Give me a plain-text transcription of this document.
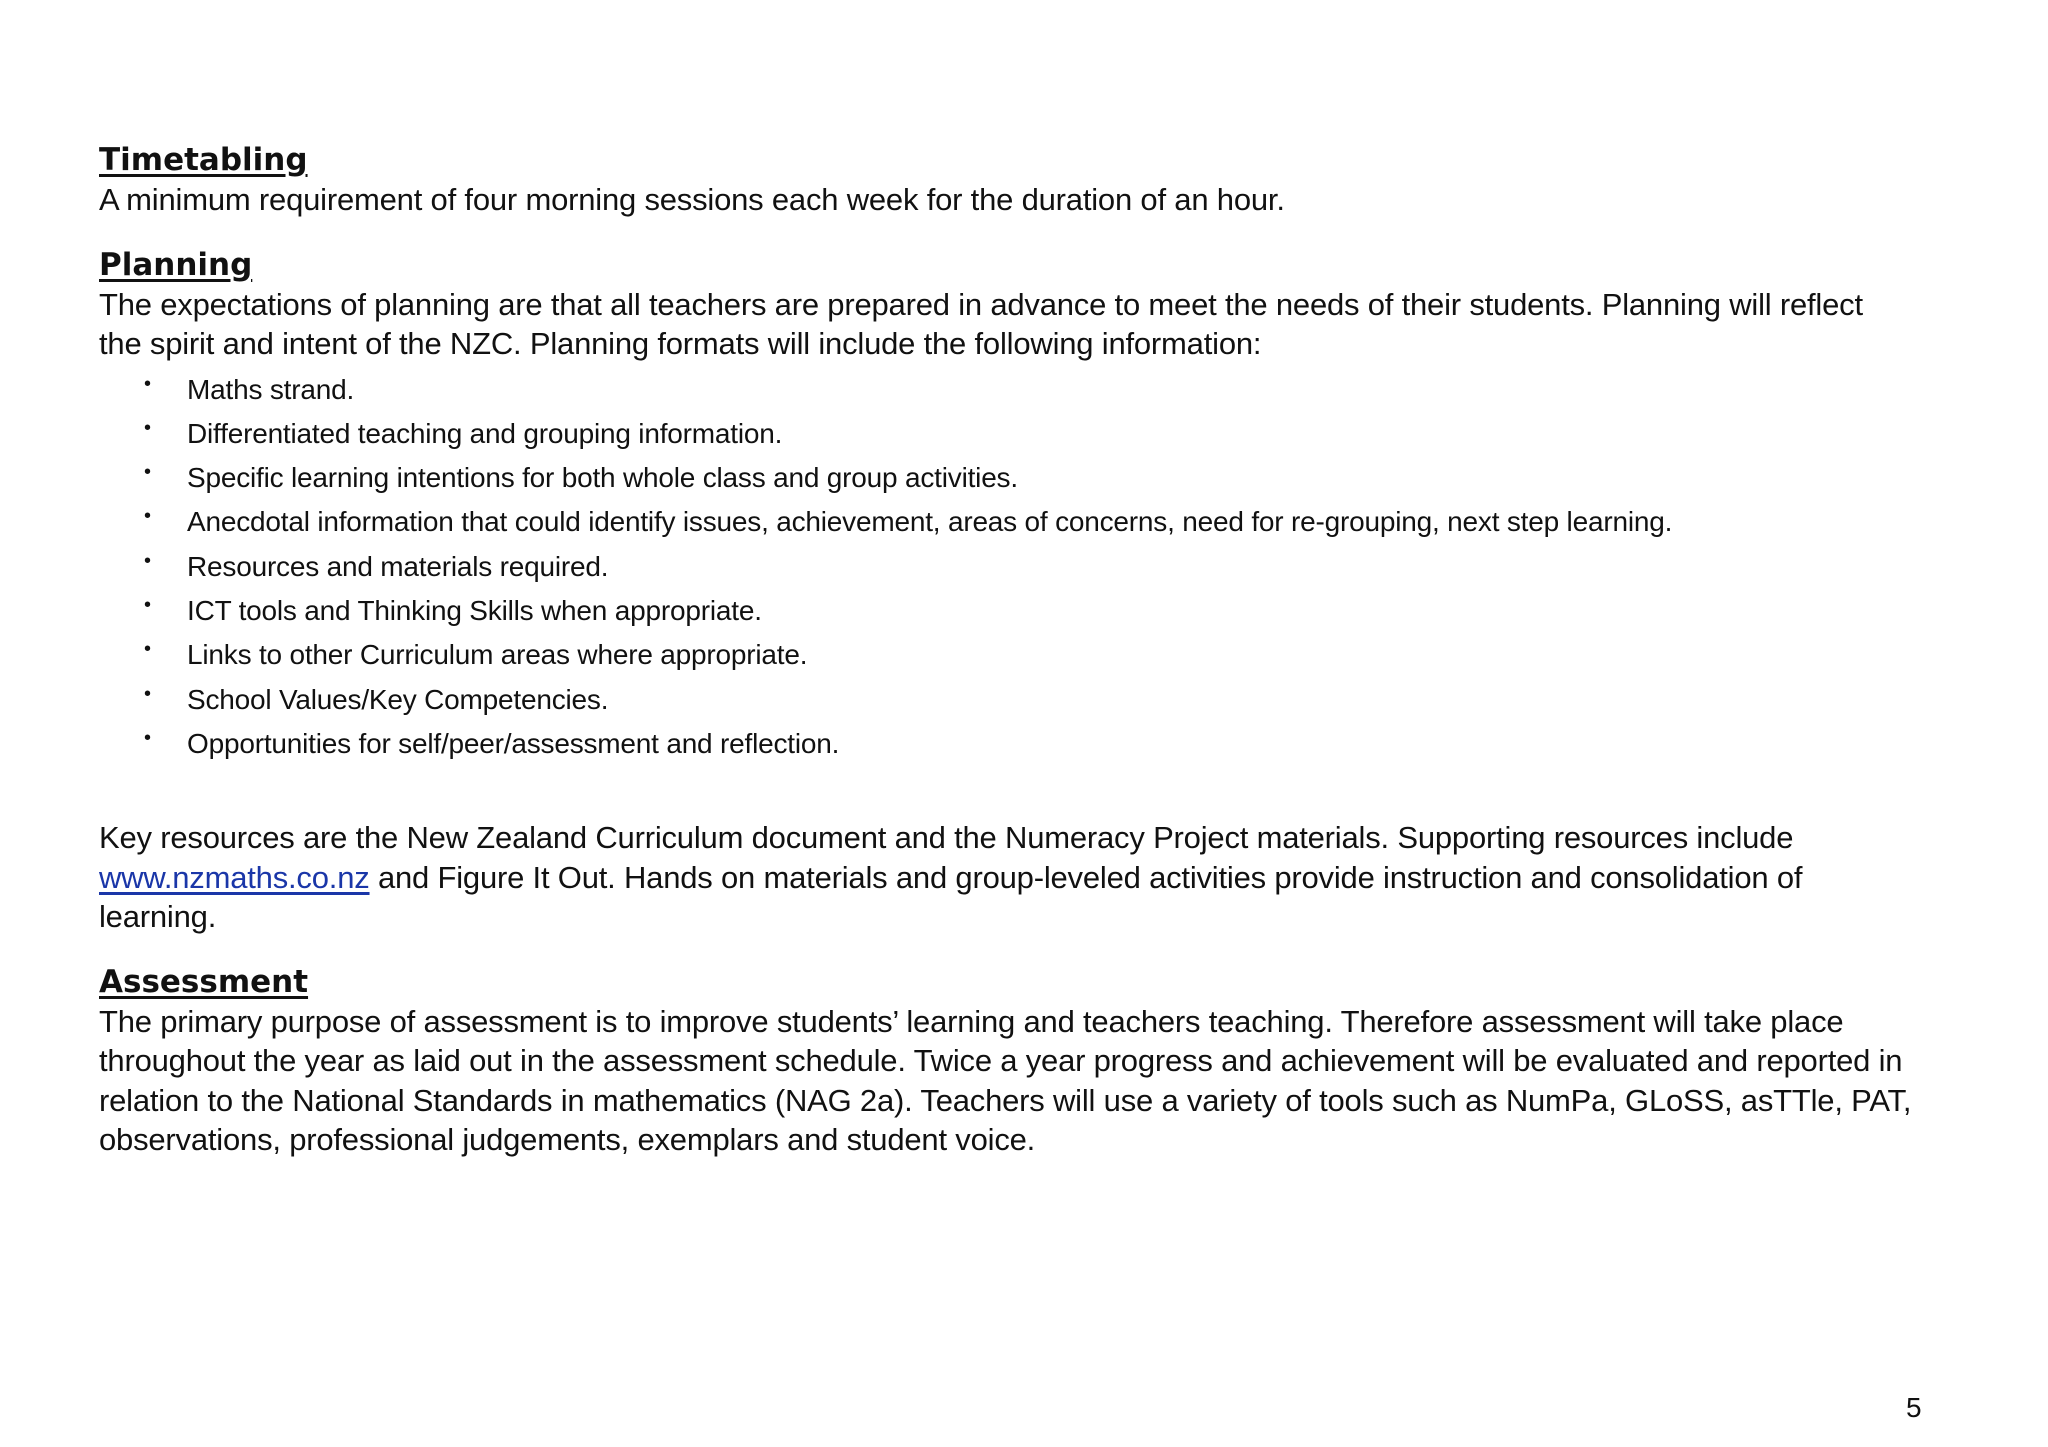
Timetabling

A minimum requirement of four morning sessions each week for the duration of an hour.

Planning

The expectations of planning are that all teachers are prepared in advance to meet the needs of their students. Planning will reflect

the spirit and intent of the NZC. Planning formats will include the following information:

• Maths strand.
• Differentiated teaching and grouping information.
• Specific learning intentions for both whole class and group activities.
• Anecdotal information that could identify issues, achievement, areas of concerns, need for re-grouping, next step learning.
• Resources and materials required.
• ICT tools and Thinking Skills when appropriate.
• Links to other Curriculum areas where appropriate.
• School Values/Key Competencies.
• Opportunities for self/peer/assessment and reflection.

Key resources are the New Zealand Curriculum document and the Numeracy Project materials. Supporting resources include

www.nzmaths.co.nz and Figure It Out. Hands on materials and group-leveled activities provide instruction and consolidation of

learning.

Assessment

The primary purpose of assessment is to improve students’ learning and teachers teaching. Therefore assessment will take place

throughout the year as laid out in the assessment schedule. Twice a year progress and achievement will be evaluated and reported in

relation to the National Standards in mathematics (NAG 2a). Teachers will use a variety of tools such as NumPa, GLoSS, asTTle, PAT,

observations, professional judgements, exemplars and student voice.

5
